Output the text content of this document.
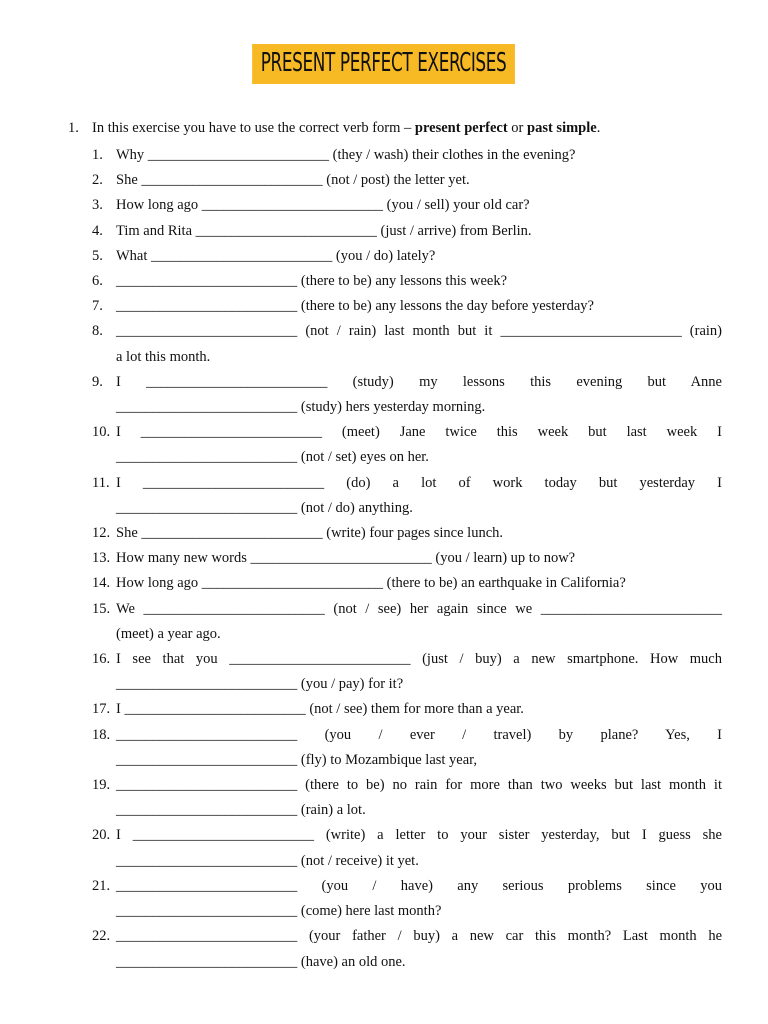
PRESENT PERFECT EXERCISES
1. In this exercise you have to use the correct verb form – present perfect or past simple.
1. Why _________________________ (they / wash) their clothes in the evening?
2. She _________________________ (not / post) the letter yet.
3. How long ago _________________________ (you / sell) your old car?
4. Tim and Rita _________________________ (just / arrive) from Berlin.
5. What _________________________ (you / do) lately?
6. _________________________ (there to be) any lessons this week?
7. _________________________ (there to be) any lessons the day before yesterday?
8. _________________________ (not / rain) last month but it _________________________ (rain)
a lot this month.
9. I _________________________ (study) my lessons this evening but Anne
_________________________ (study) hers yesterday morning.
10. I _________________________ (meet) Jane twice this week but last week I
_________________________ (not / set) eyes on her.
11. I _________________________ (do) a lot of work today but yesterday I
_________________________ (not / do) anything.
12. She _________________________ (write) four pages since lunch.
13. How many new words _________________________ (you / learn) up to now?
14. How long ago _________________________ (there to be) an earthquake in California?
15. We _________________________ (not / see) her again since we _________________________
(meet) a year ago.
16. I see that you _________________________ (just / buy) a new smartphone. How much
_________________________ (you / pay) for it?
17. I _________________________ (not / see) them for more than a year.
18. _________________________ (you / ever / travel) by plane? Yes, I
_________________________ (fly) to Mozambique last year,
19. _________________________ (there to be) no rain for more than two weeks but last month it
_________________________ (rain) a lot.
20. I _________________________ (write) a letter to your sister yesterday, but I guess she
_________________________ (not / receive) it yet.
21. _________________________ (you / have) any serious problems since you
_________________________ (come) here last month?
22. _________________________ (your father / buy) a new car this month? Last month he
_________________________ (have) an old one.
